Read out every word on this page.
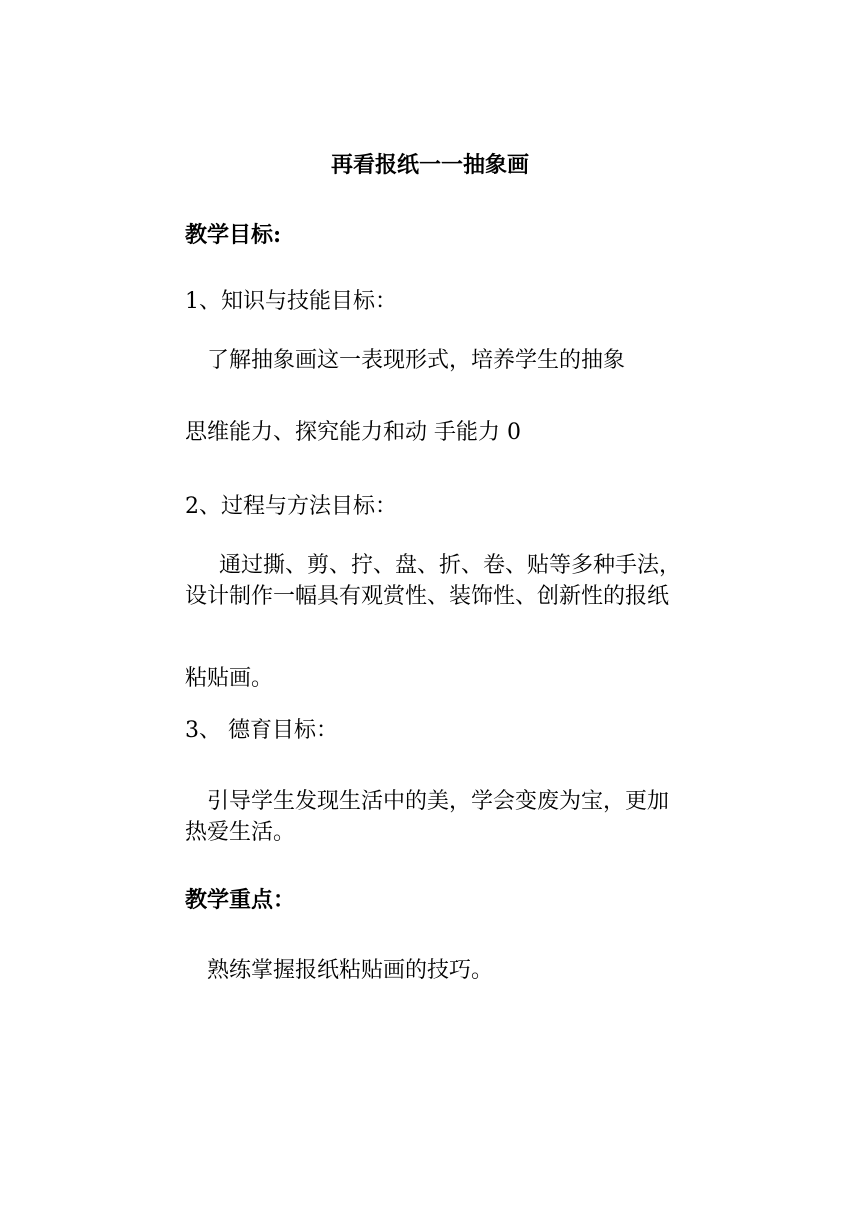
再看报纸一一抽象画
教学目标:
1、知识与技能目标：
了解抽象画这一表现形式，培养学生的抽象
思维能力、探究能力和动 手能力 0
2、过程与方法目标：
通过撕、剪、拧、盘、折、卷、贴等多种手法，设计制作一幅具有观赏性、装饰性、创新性的报纸
粘贴画。
3、 德育目标：
引导学生发现生活中的美，学会变废为宝，更加热爱生活。
教学重点：
熟练掌握报纸粘贴画的技巧。
